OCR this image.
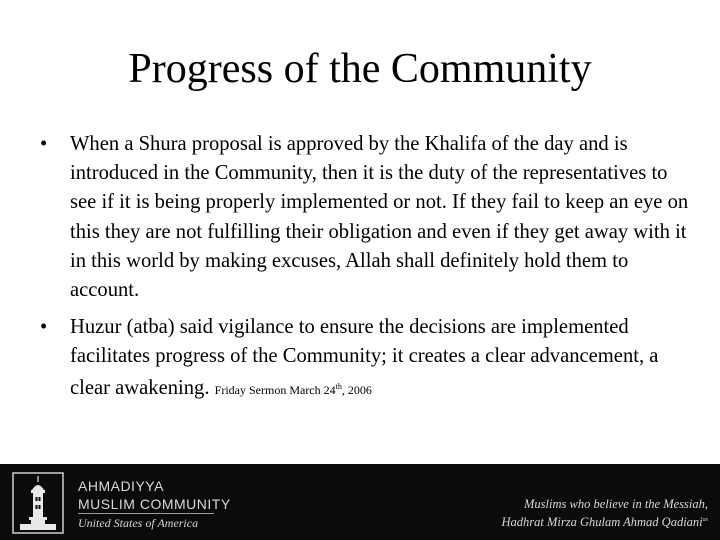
Progress of the Community
•	When a Shura proposal is approved by the Khalifa of the day and is introduced in the Community, then it is the duty of the representatives to see if it is being properly implemented or not. If they fail to keep an eye on this they are not fulfilling their obligation and even if they get away with it in this world by making excuses, Allah shall definitely hold them to account.
•	Huzur (atba) said vigilance to ensure the decisions are implemented facilitates progress of the Community; it creates a clear advancement, a clear awakening. Friday Sermon March 24th, 2006
AHMADIYYA
MUSLIM COMMUNITY
United States of America
Muslims who believe in the Messiah,
Hadhrat Mirza Ghulam Ahmad Qadiani$^{as}$
